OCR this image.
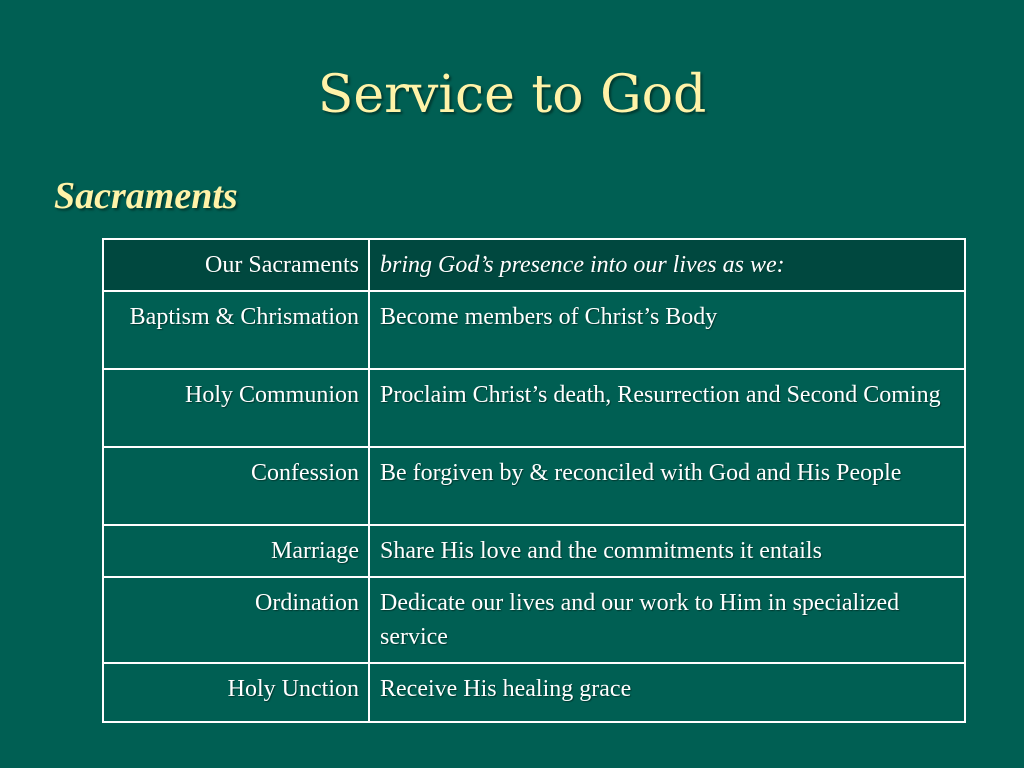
Service to God
Sacraments
Our Sacraments	bring God’s presence into our lives as we:
Baptism & Chrismation	Become members of Christ’s Body
Holy Communion	Proclaim Christ’s death, Resurrection and Second Coming
Confession	Be forgiven by & reconciled with God and His People
Marriage	Share His love and the commitments it entails
Ordination	Dedicate our lives and our work to Him in specialized service
Holy Unction	Receive His healing grace
